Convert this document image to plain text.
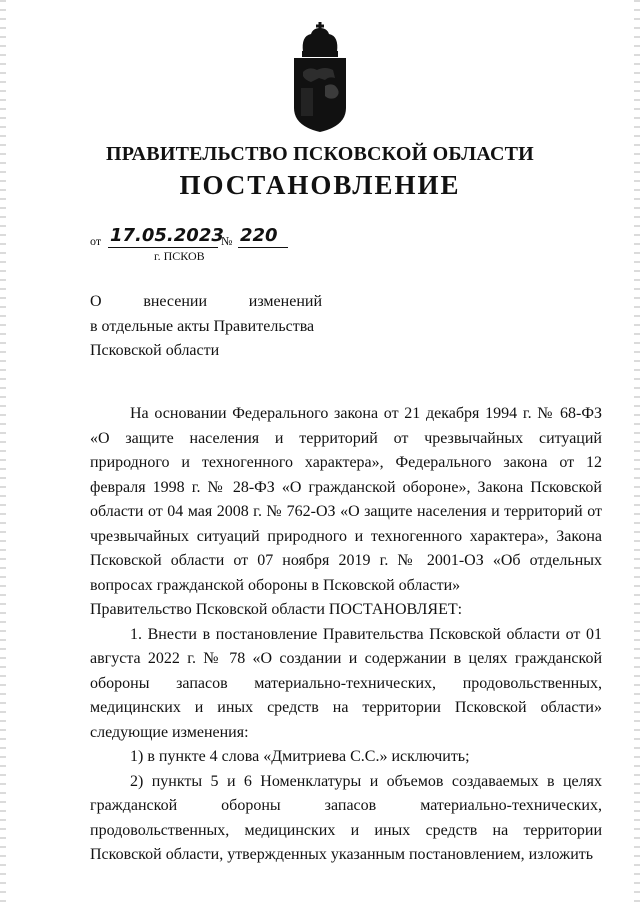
ПРАВИТЕЛЬСТВО ПСКОВСКОЙ ОБЛАСТИ
ПОСТАНОВЛЕНИЕ
от 17.05.2023
№ 220
г. ПСКОВ
О	внесении	изменений
в отдельные акты Правительства
Псковской области

На основании Федерального закона от 21 декабря 1994 г. № 68-ФЗ «О защите населения и территорий от чрезвычайных ситуаций природного и техногенного характера», Федерального закона от 12 февраля 1998 г. № 28-ФЗ «О гражданской обороне», Закона Псковской области от 04 мая 2008 г. № 762-ОЗ «О защите населения и территорий от чрезвычайных ситуаций природного и техногенного характера», Закона Псковской области от 07 ноября 2019 г. № 2001-ОЗ «Об отдельных вопросах гражданской обороны в Псковской области»

Правительство Псковской области ПОСТАНОВЛЯЕТ:

1. Внести в постановление Правительства Псковской области от 01 августа 2022 г. № 78 «О создании и содержании в целях гражданской обороны запасов материально-технических, продовольственных, медицинских и иных средств на территории Псковской области» следующие изменения:

1) в пункте 4 слова «Дмитриева С.С.» исключить;

2) пункты 5 и 6 Номенклатуры и объемов создаваемых в целях гражданской обороны запасов материально-технических, продовольственных, медицинских и иных средств на территории Псковской области, утвержденных указанным постановлением, изложить
